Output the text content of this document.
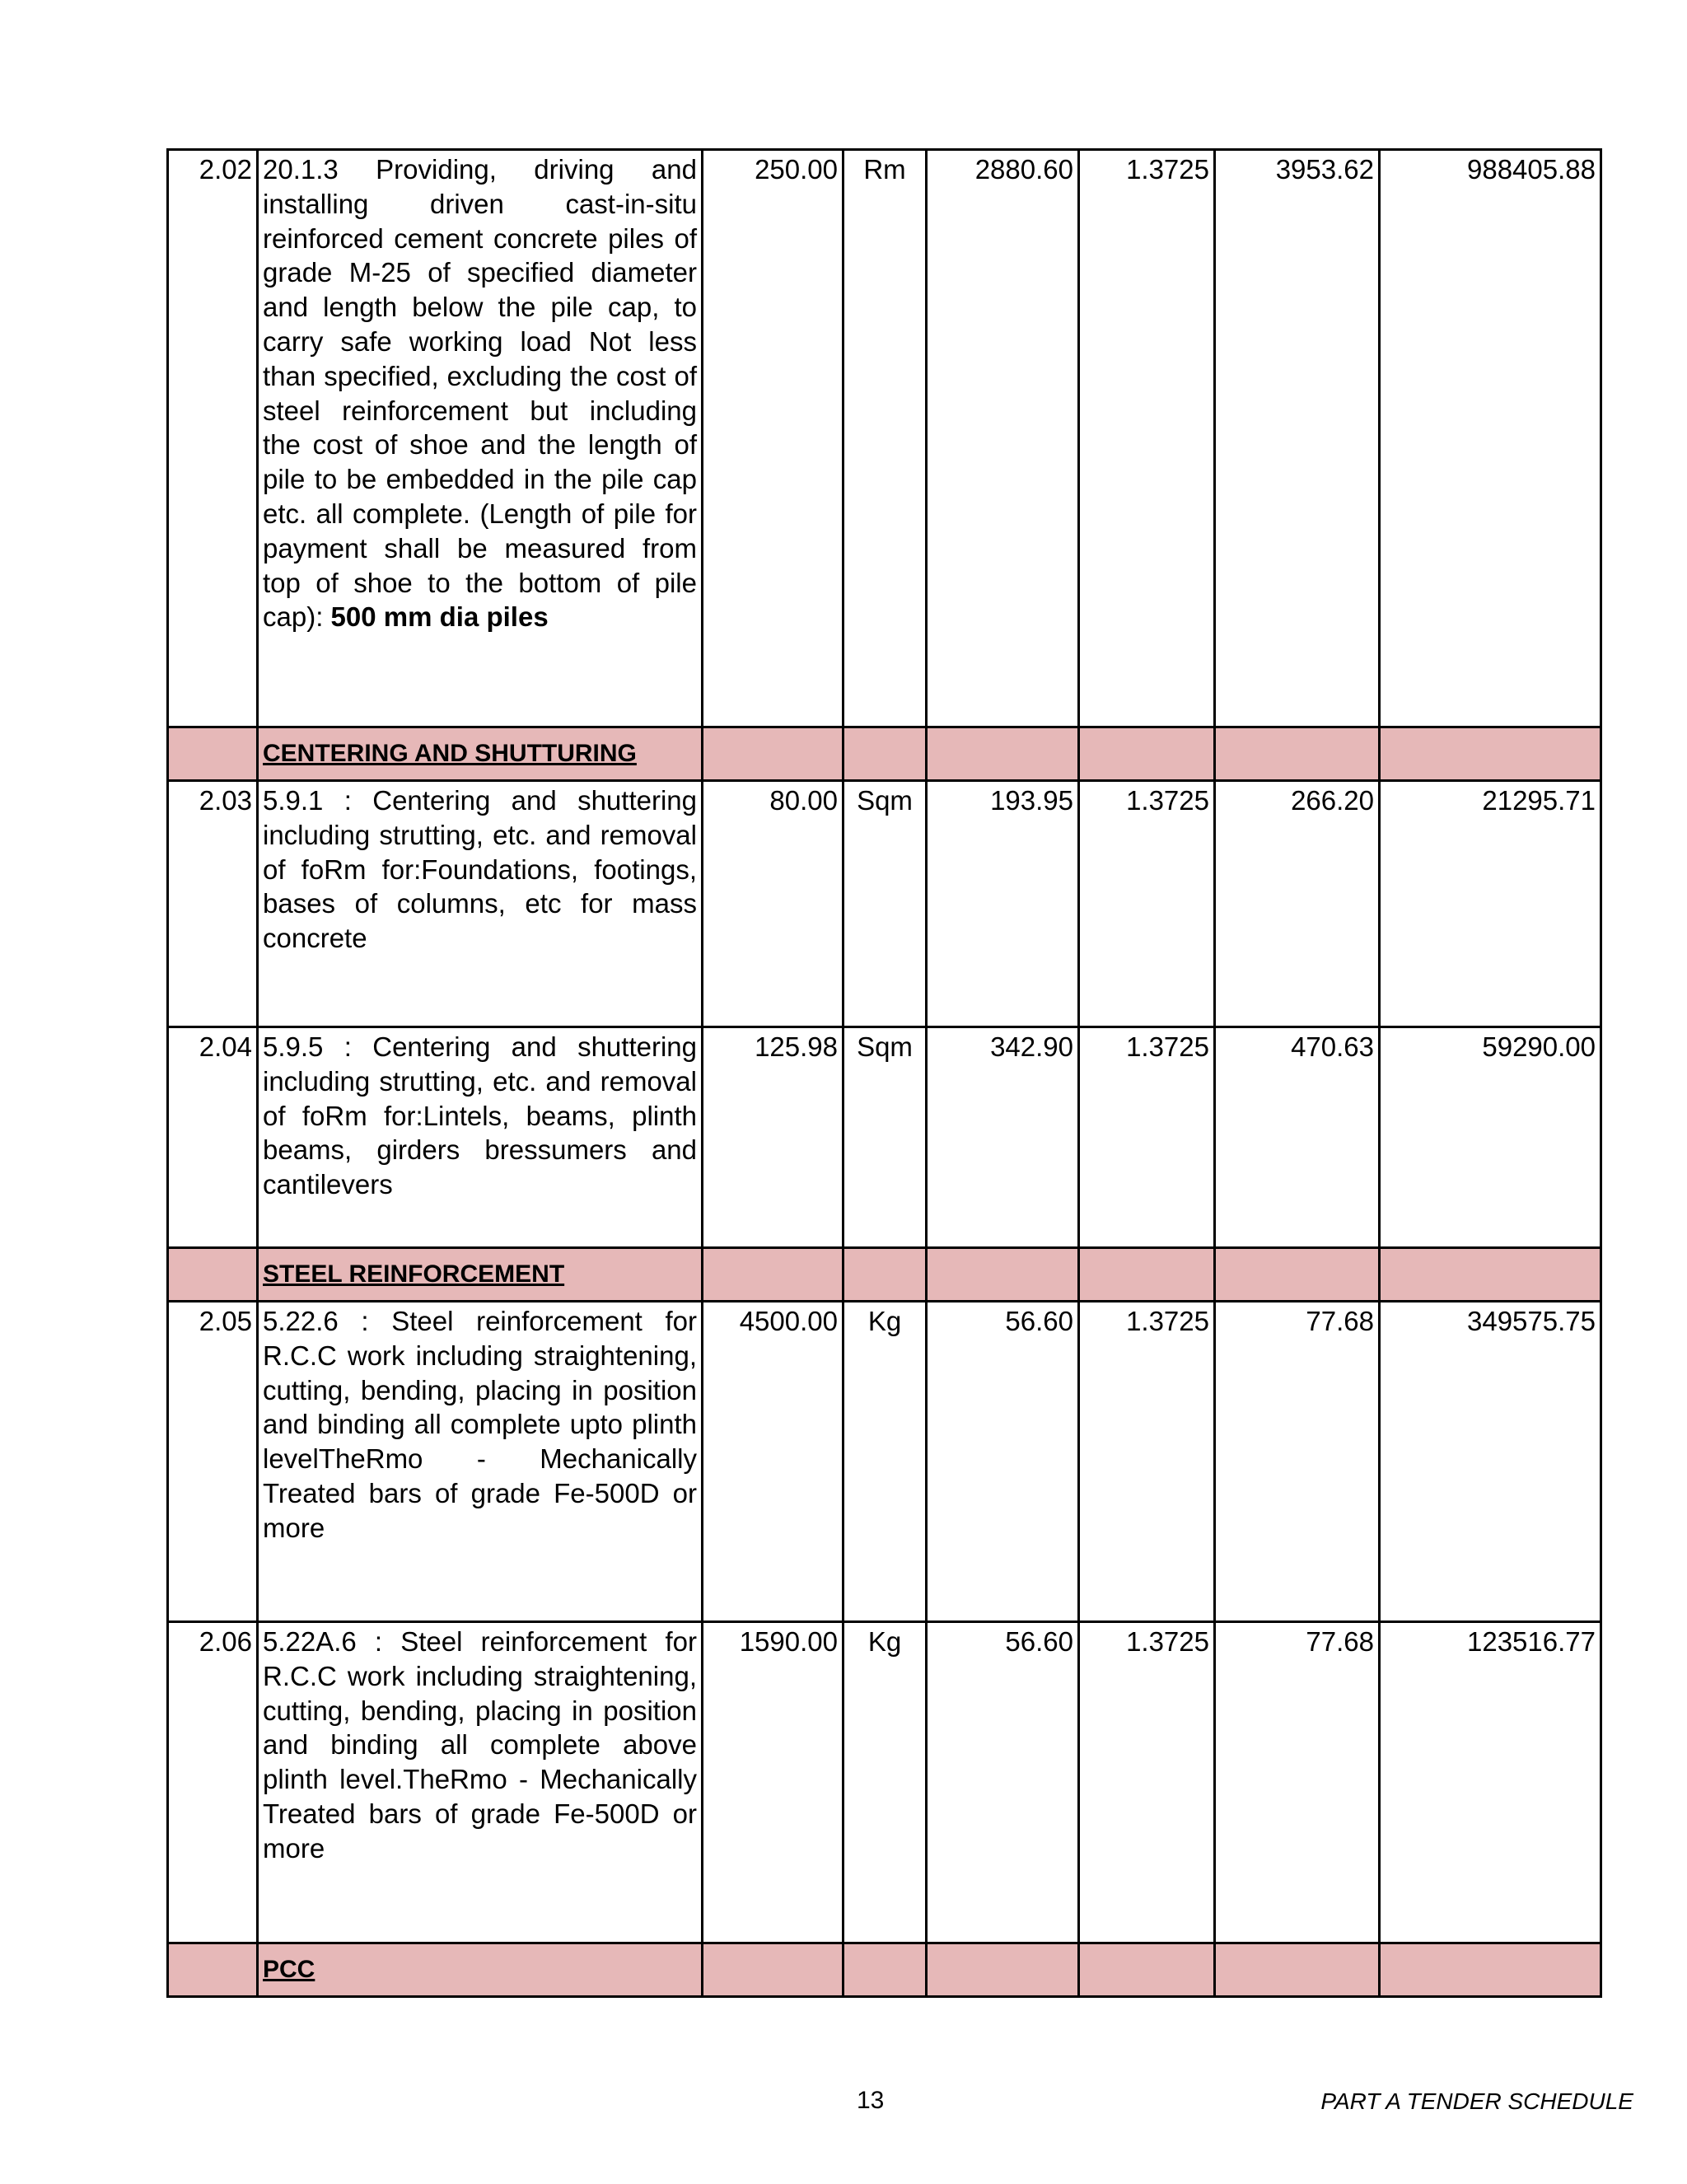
2.02	20.1.3 Providing, driving and installing driven cast-in-situ reinforced cement concrete piles of grade M-25 of specified diameter and length below the pile cap, to carry safe working load Not less than specified, excluding the cost of steel reinforcement but including the cost of shoe and the length of pile to be embedded in the pile cap etc. all complete. (Length of pile for payment shall be measured from top of shoe to the bottom of pile cap): 500 mm dia piles	250.00	Rm	2880.60	1.3725	3953.62	988405.88
	CENTERING AND SHUTTURING						
2.03	5.9.1 : Centering and shuttering including strutting, etc. and removal of foRm for:Foundations, footings, bases of columns, etc for mass concrete	80.00	Sqm	193.95	1.3725	266.20	21295.71
2.04	5.9.5 : Centering and shuttering including strutting, etc. and removal of foRm for:Lintels, beams, plinth beams, girders bressumers and cantilevers	125.98	Sqm	342.90	1.3725	470.63	59290.00
	STEEL REINFORCEMENT						
2.05	5.22.6 : Steel reinforcement for R.C.C work including straightening, cutting, bending, placing in position and binding all complete upto plinth levelTheRmo - Mechanically Treated bars of grade Fe-500D or more	4500.00	Kg	56.60	1.3725	77.68	349575.75
2.06	5.22A.6 : Steel reinforcement for R.C.C work including straightening, cutting, bending, placing in position and binding all complete above plinth level.TheRmo - Mechanically Treated bars of grade Fe-500D or more	1590.00	Kg	56.60	1.3725	77.68	123516.77
	PCC						
13	PART A TENDER SCHEDULE
